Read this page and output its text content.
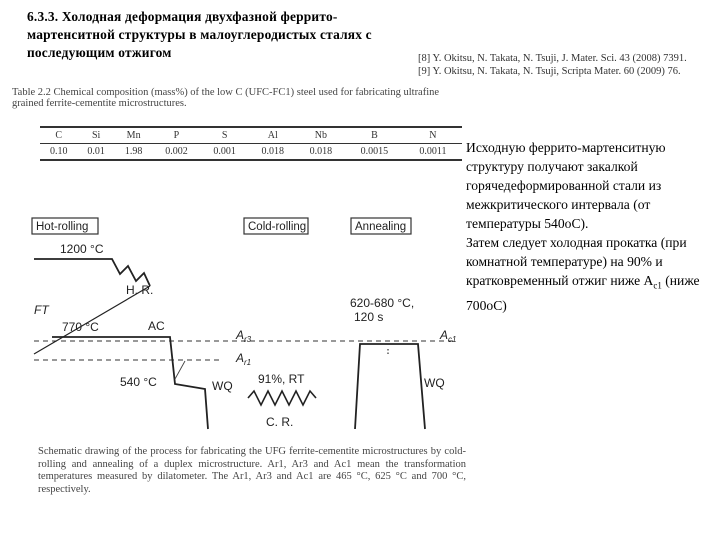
6.3.3. Холодная деформация двухфазной феррито-мартенситной структуры в малоуглеродистых сталях с последующим отжигом	[8] Y. Okitsu, N. Takata, N. Tsuji, J. Mater. Sci. 43 (2008) 7391.
[9] Y. Okitsu, N. Takata, N. Tsuji, Scripta Mater. 60 (2009) 76.
Table 2.2 Chemical composition (mass%) of the low C (UFC-FC1) steel used for fabricating ultrafine grained ferrite-cementite microstructures.
C	Si	Mn	P	S	Al	Nb	B	N
0.10	0.01	1.98	0.002	0.001	0.018	0.018	0.0015	0.0011
Hot-rolling	Cold-rolling	Annealing
1200 °C
H. R.
FT
770 °C	AC
$A_{r3}$
$A_{r1}$
540 °C	WQ 91%, RT
C. R.
620-680 °C,
120 s
$A_{c1}$
WQ
Schematic drawing of the process for fabricating the UFG ferrite-cementite microstructures by cold-rolling and annealing of a duplex microstructure. Ar1, Ar3 and Ac1 mean the transformation temperatures measured by dilatometer. The Ar1, Ar3 and Ac1 are 465 °C, 625 °C and 700 °C, respectively.

Исходную феррито-мартенситную структуру получают закалкой горячедеформированной стали из межкритического интервала (от температуры 540оС).

Затем следует холодная прокатка (при комнатной температуре) на 90% и кратковременный отжиг ниже $А_{с1}$ (ниже 700оС)
